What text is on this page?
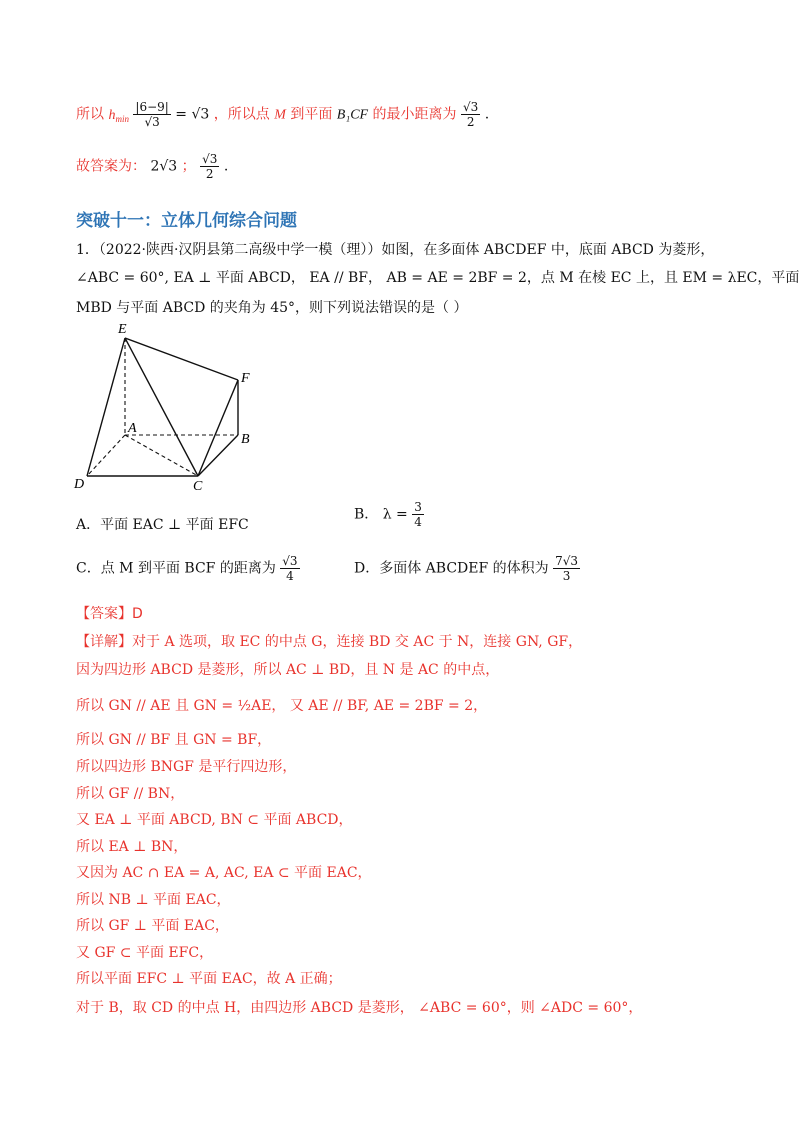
所以 $h_{min} \frac{|6-9|}{√3} = √3$ ，所以点 M 到平面 B₁CF 的最小距离为 $\frac{√3}{2}$ .
故答案为： 2√3 ； $\frac{√3}{2}$ .
突破十一：立体几何综合问题
1．（2022·陕西·汉阴县第二高级中学一模（理））如图，在多面体 ABCDEF 中，底面 ABCD 为菱形，
∠ABC = 60°, EA ⊥ 平面 ABCD， EA // BF， AB = AE = 2BF = 2，点 M 在棱 EC 上，且 EM = λEC，平面
MBD 与平面 ABCD 的夹角为 45°，则下列说法错误的是（ ）
E
F
A
B
D	C
A．平面 EAC ⊥ 平面 EFC
B． $\lambda = \frac{3}{4}$
C．点 M 到平面 BCF 的距离为 $\frac{√3}{4}$	D．多面体 ABCDEF 的体积为 $\frac{7√3}{3}$
【答案】D
【详解】对于 A 选项，取 EC 的中点 G，连接 BD 交 AC 于 N，连接 GN, GF，
因为四边形 ABCD 是菱形，所以 AC ⊥ BD，且 N 是 AC 的中点，
所以 GN // AE 且 GN = ½AE， 又 AE // BF, AE = 2BF = 2，
所以 GN // BF 且 GN = BF，
所以四边形 BNGF 是平行四边形，
所以 GF // BN，
又 EA ⊥ 平面 ABCD, BN ⊂ 平面 ABCD，
所以 EA ⊥ BN，
又因为 AC ∩ EA = A, AC, EA ⊂ 平面 EAC，
所以 NB ⊥ 平面 EAC，
所以 GF ⊥ 平面 EAC，
又 GF ⊂ 平面 EFC，
所以平面 EFC ⊥ 平面 EAC，故 A 正确；
对于 B，取 CD 的中点 H，由四边形 ABCD 是菱形， ∠ABC = 60°，则 ∠ADC = 60°，
